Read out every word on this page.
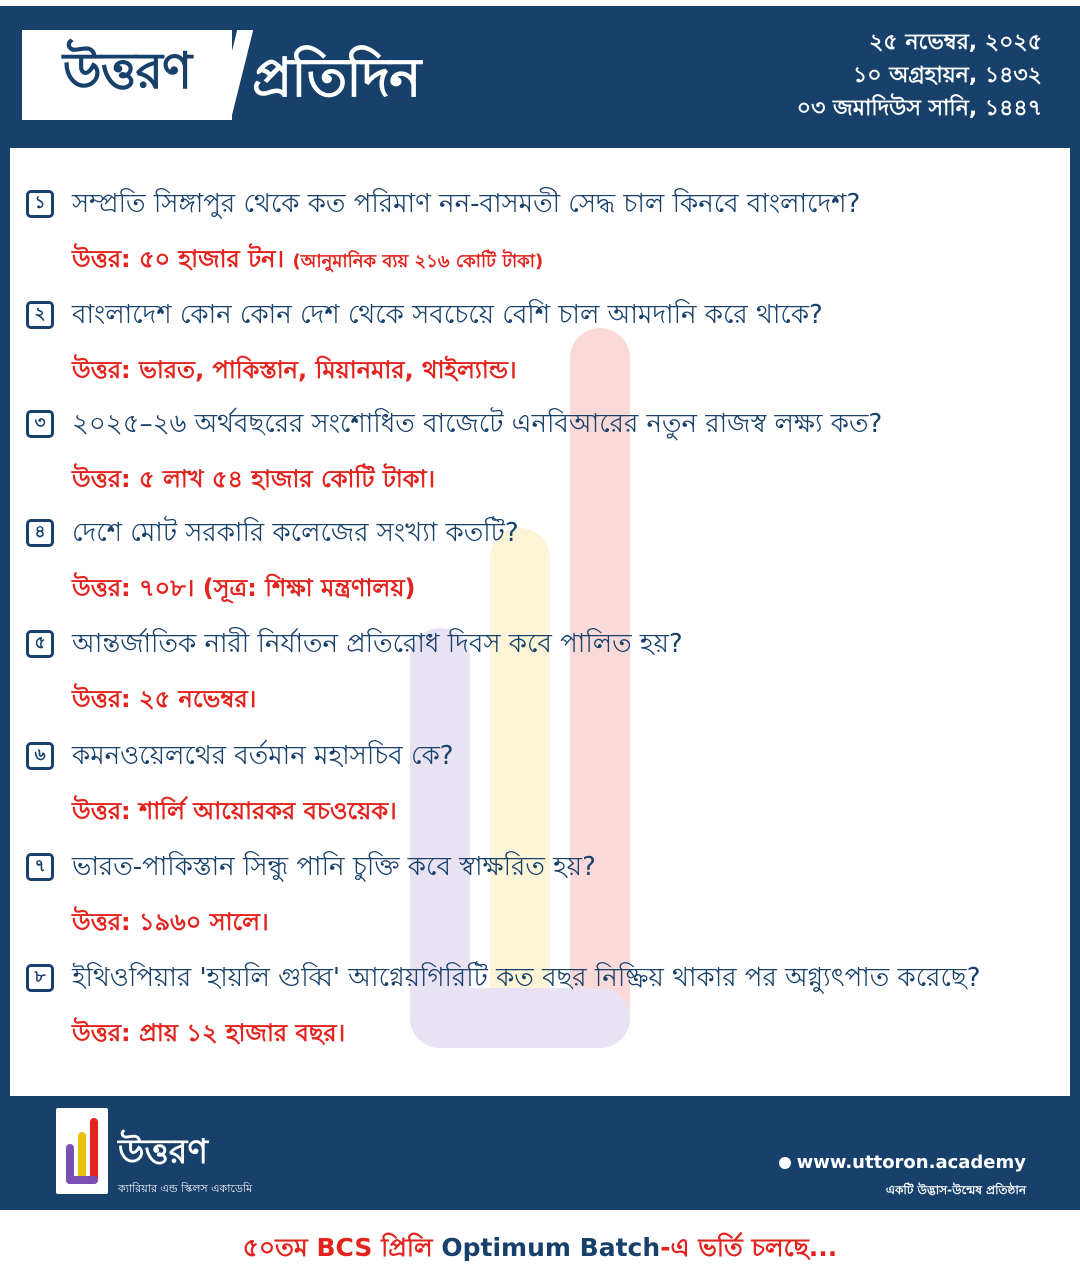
উত্তরণ প্রতিদিন
২৫ নভেম্বর, ২০২৫
১০ অগ্রহায়ন, ১৪৩২
০৩ জমাদিউস সানি, ১৪৪৭
১	সম্প্রতি সিঙ্গাপুর থেকে কত পরিমাণ নন-বাসমতী সেদ্ধ চাল কিনবে বাংলাদেশ?
উত্তর: ৫০ হাজার টন। (আনুমানিক ব্যয় ২১৬ কোটি টাকা)
২	বাংলাদেশ কোন কোন দেশ থেকে সবচেয়ে বেশি চাল আমদানি করে থাকে?
উত্তর: ভারত, পাকিস্তান, মিয়ানমার, থাইল্যান্ড।
৩	২০২৫–২৬ অর্থবছরের সংশোধিত বাজেটে এনবিআরের নতুন রাজস্ব লক্ষ্য কত?
উত্তর: ৫ লাখ ৫৪ হাজার কোটি টাকা।
৪	দেশে মোট সরকারি কলেজের সংখ্যা কতটি?
উত্তর: ৭০৮। (সূত্র: শিক্ষা মন্ত্রণালয়)
৫	আন্তর্জাতিক নারী নির্যাতন প্রতিরোধ দিবস কবে পালিত হয়?
উত্তর: ২৫ নভেম্বর।
৬	কমনওয়েলথের বর্তমান মহাসচিব কে?
উত্তর: শার্লি আয়োরকর বচওয়েক।
৭	ভারত-পাকিস্তান সিন্ধু পানি চুক্তি কবে স্বাক্ষরিত হয়?
উত্তর: ১৯৬০ সালে।
৮	ইথিওপিয়ার 'হায়লি গুব্বি' আগ্নেয়গিরিটি কত বছর নিষ্ক্রিয় থাকার পর অগ্ন্যুৎপাত করেছে?
উত্তর: প্রায় ১২ হাজার বছর।
উত্তরণ
ক্যারিয়ার এন্ড স্কিলস একাডেমি
www.uttoron.academy
একটি উদ্ভাস-উন্মেষ প্রতিষ্ঠান
৫০তম BCS প্রিলি Optimum Batch-এ ভর্তি চলছে...
